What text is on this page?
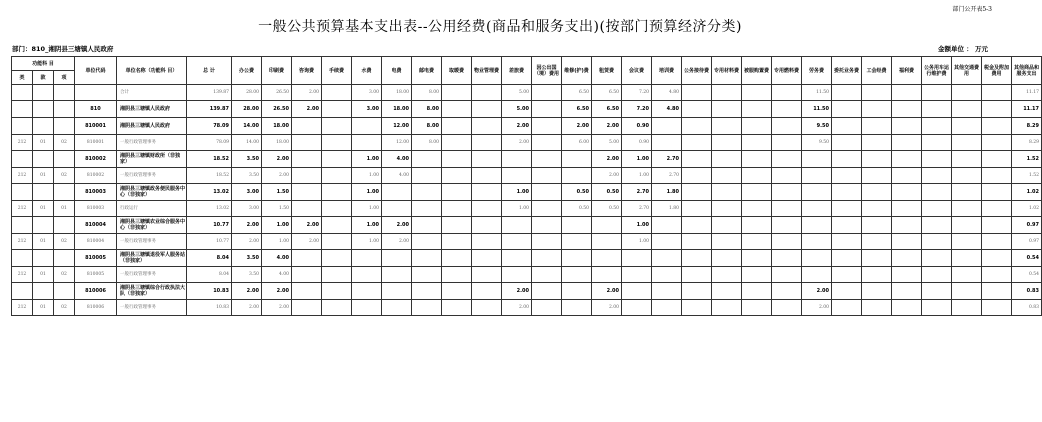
部门公开表5-3
一般公共预算基本支出表--公用经费(商品和服务支出)(按部门预算经济分类)
部门：810_湘阴县三塘镇人民政府	金额单位 ： 万元
功能科 目			单位代码	单位名称（功能科 目）	总 计	办公费	印刷费	咨询费	手续费	水费	电费	邮电费	取暖费	物业管理费	差旅费	因公出国（境）费用	维修(护)费	租赁费	会议费	培训费	公务接待费	专用材料费	被服购置费	专用燃料费	劳务费	委托业务费	工会经费	福利费	公务用车运行维护费	其他交通费用	税金及附加费用	其他商品和服务支出
类	款	项																														
				合计	139.87	28.00	26.50	2.00		3.00	18.00	8.00			5.00		6.50	6.50	7.20	4.80					11.50							11.17
			810	湘阴县三塘镇人民政府	139.87	28.00	26.50	2.00		3.00	18.00	8.00			5.00		6.50	6.50	7.20	4.80					11.50							11.17
			810001	湘阴县三塘镇人民政府	78.09	14.00	18.00				12.00	8.00			2.00		2.00	2.00	0.90						9.50							8.29
212	01	02	810001	一般行政管理事务	78.09	14.00	18.00				12.00	8.00			2.00		6.00	5.00	0.90						9.50							8.29
			810002	湘阴县三塘镇财政所（非独家）	18.52	3.50	2.00			1.00	4.00							2.00	1.00	2.70												1.52
212	01	02	810002	一般行政管理事务	18.52	3.50	2.00			1.00	4.00							2.00	1.00	2.70												1.52
			810003	湘阴县三塘镇政务便民服务中心（非独家）	13.02	3.00	1.50			1.00					1.00		0.50	0.50	2.70	1.80												1.02
212	01	01	810003	行政运行	13.02	3.00	1.50			1.00					1.00		0.50	0.50	2.70	1.80												1.02
			810004	湘阴县三塘镇农业综合服务中心（非独家）	10.77	2.00	1.00	2.00		1.00	2.00								1.00													0.97
212	01	02	810004	一般行政管理事务	10.77	2.00	1.00	2.00		1.00	2.00								1.00													0.97
			810005	湘阴县三塘镇退役军人服务站（非独家）	8.04	3.50	4.00																									0.54
212	01	02	810005	一般行政管理事务	8.04	3.50	4.00																									0.54
			810006	湘阴县三塘镇综合行政执法大队（非独家）	10.83	2.00	2.00								2.00			2.00							2.00							0.83
212	01	02	810006	一般行政管理事务	10.83	2.00	2.00								2.00			2.00							2.00							0.83
